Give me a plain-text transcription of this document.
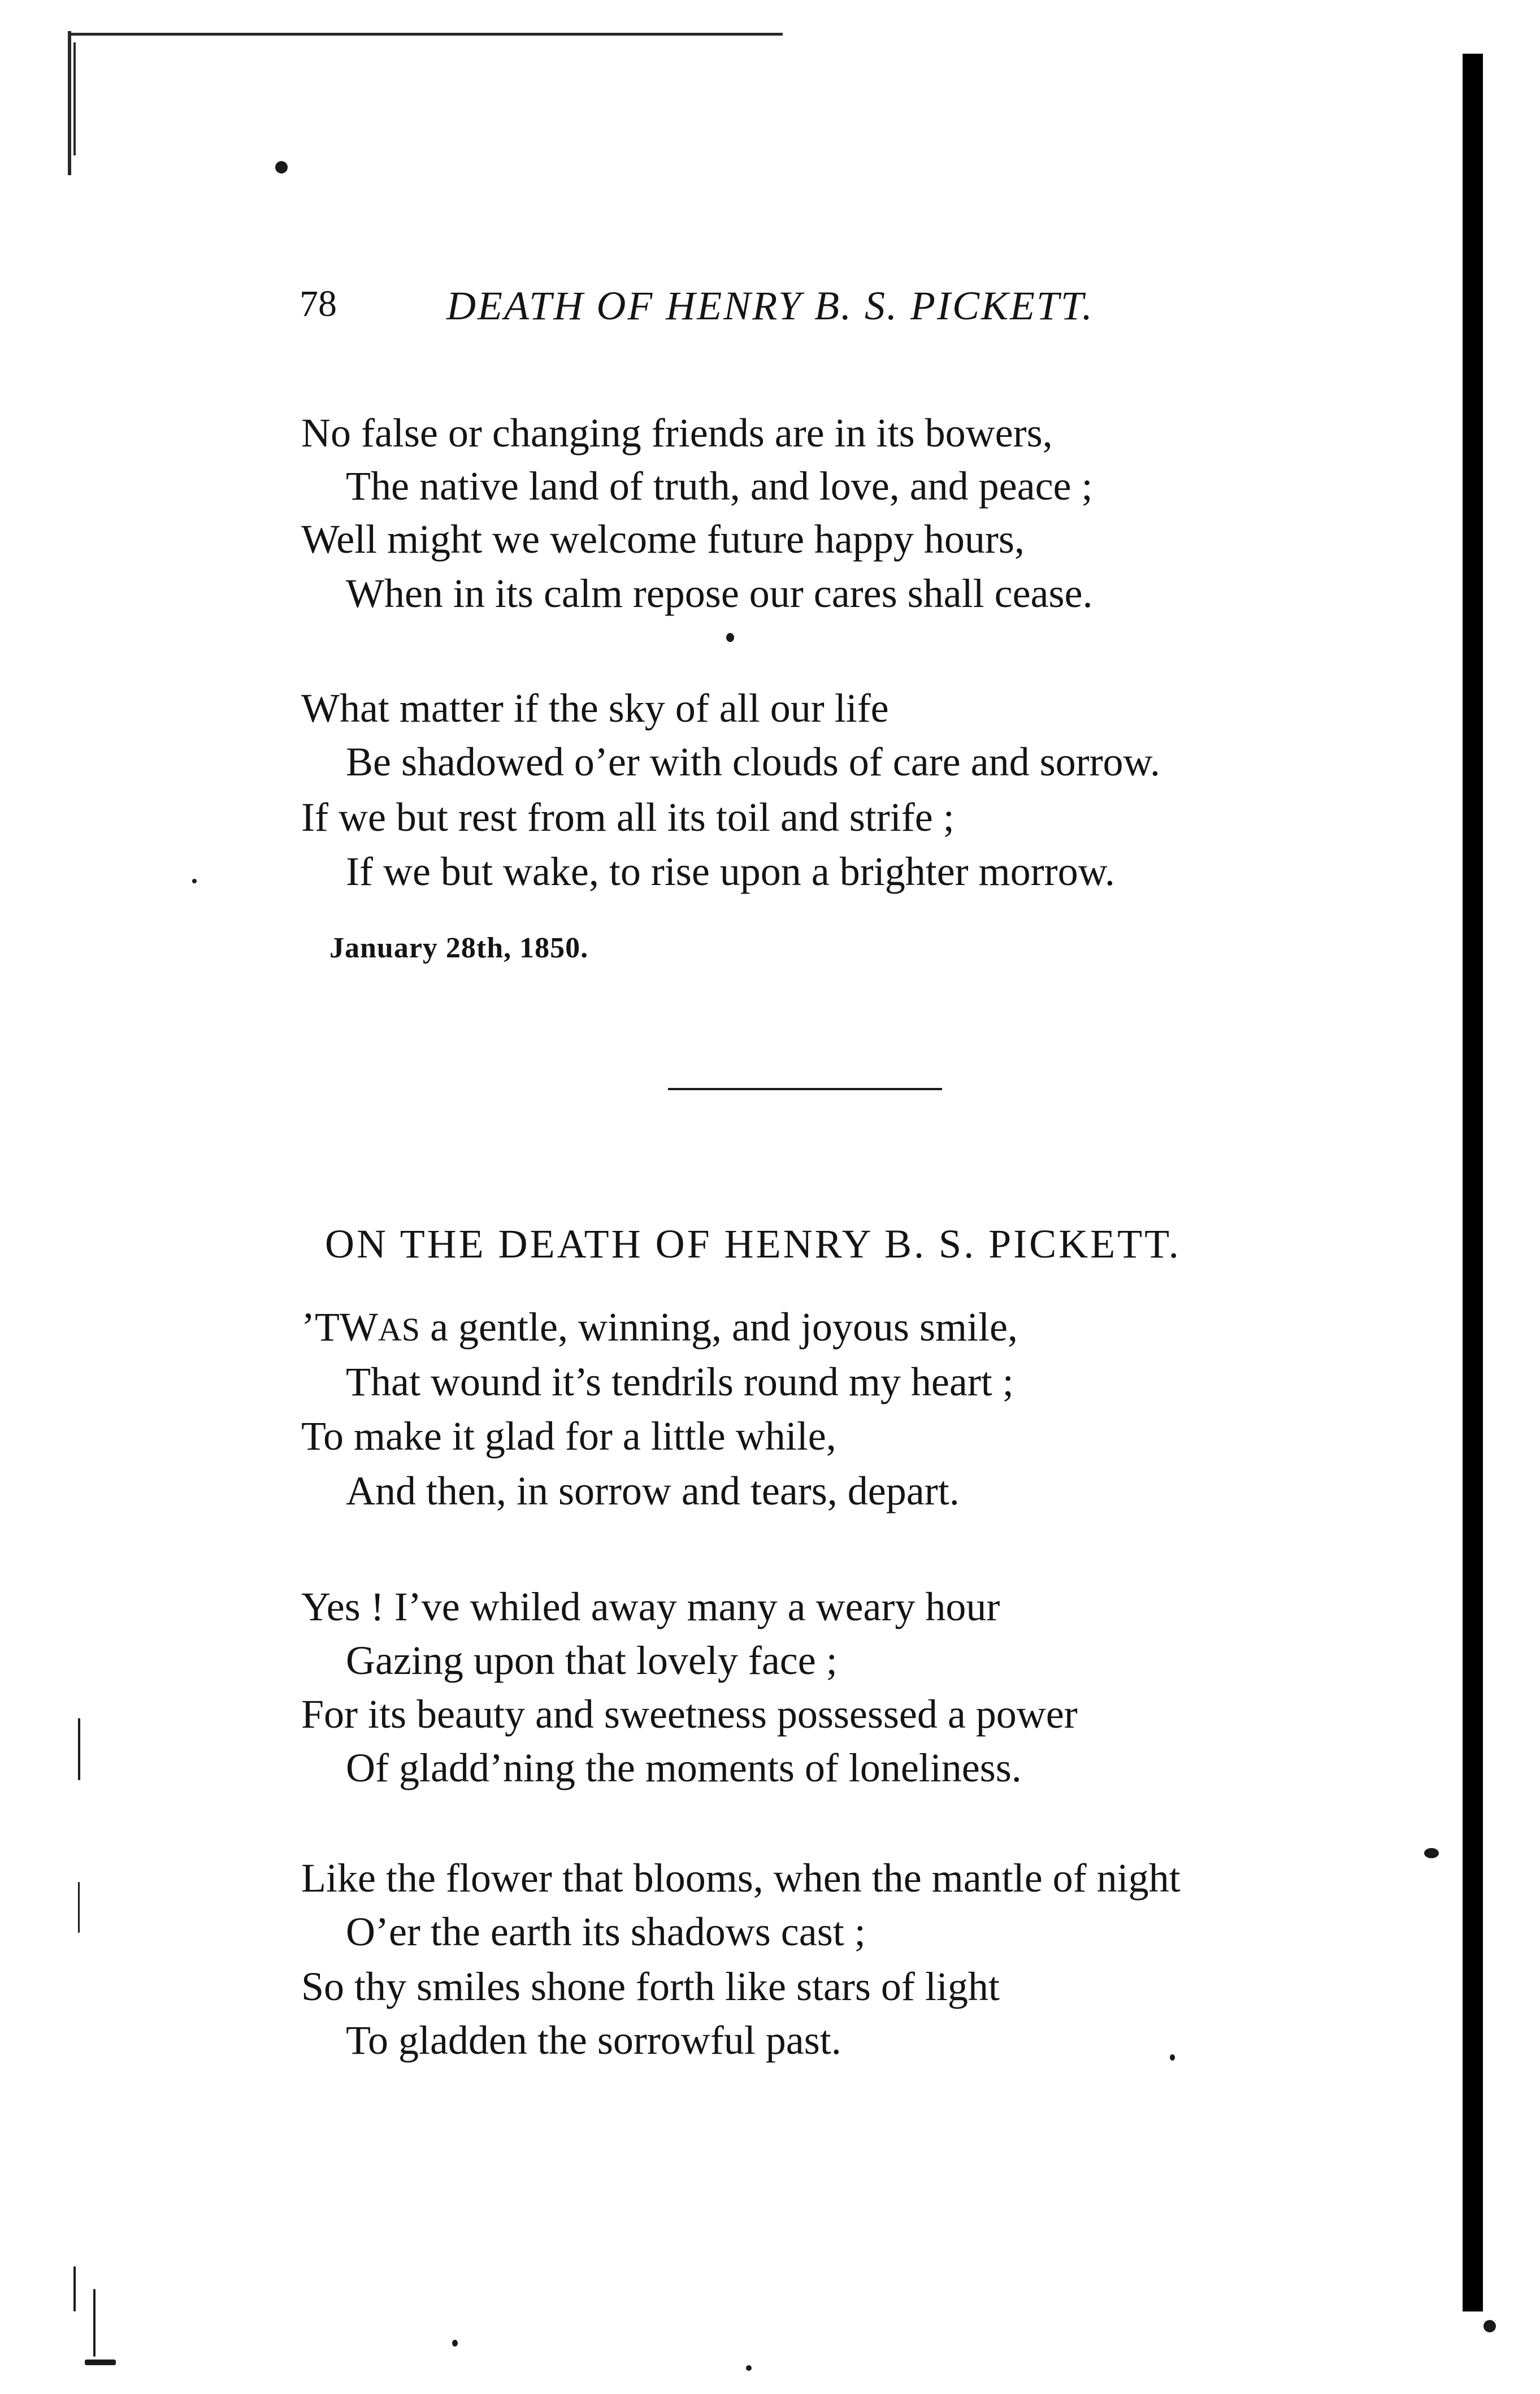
78	DEATH OF HENRY B. S. PICKETT.
No false or changing friends are in its bowers,
The native land of truth, and love, and peace ;
Well might we welcome future happy hours,
When in its calm repose our cares shall cease.
What matter if the sky of all our life
Be shadowed o’er with clouds of care and sorrow.
If we but rest from all its toil and strife ;
If we but wake, to rise upon a brighter morrow.
January 28th, 1850.
ON THE DEATH OF HENRY B. S. PICKETT.
’TWAS a gentle, winning, and joyous smile,
That wound it’s tendrils round my heart ;
To make it glad for a little while,
And then, in sorrow and tears, depart.
Yes ! I’ve whiled away many a weary hour
Gazing upon that lovely face ;
For its beauty and sweetness possessed a power
Of gladd’ning the moments of loneliness.
Like the flower that blooms, when the mantle of night
O’er the earth its shadows cast ;
So thy smiles shone forth like stars of light
To gladden the sorrowful past.
